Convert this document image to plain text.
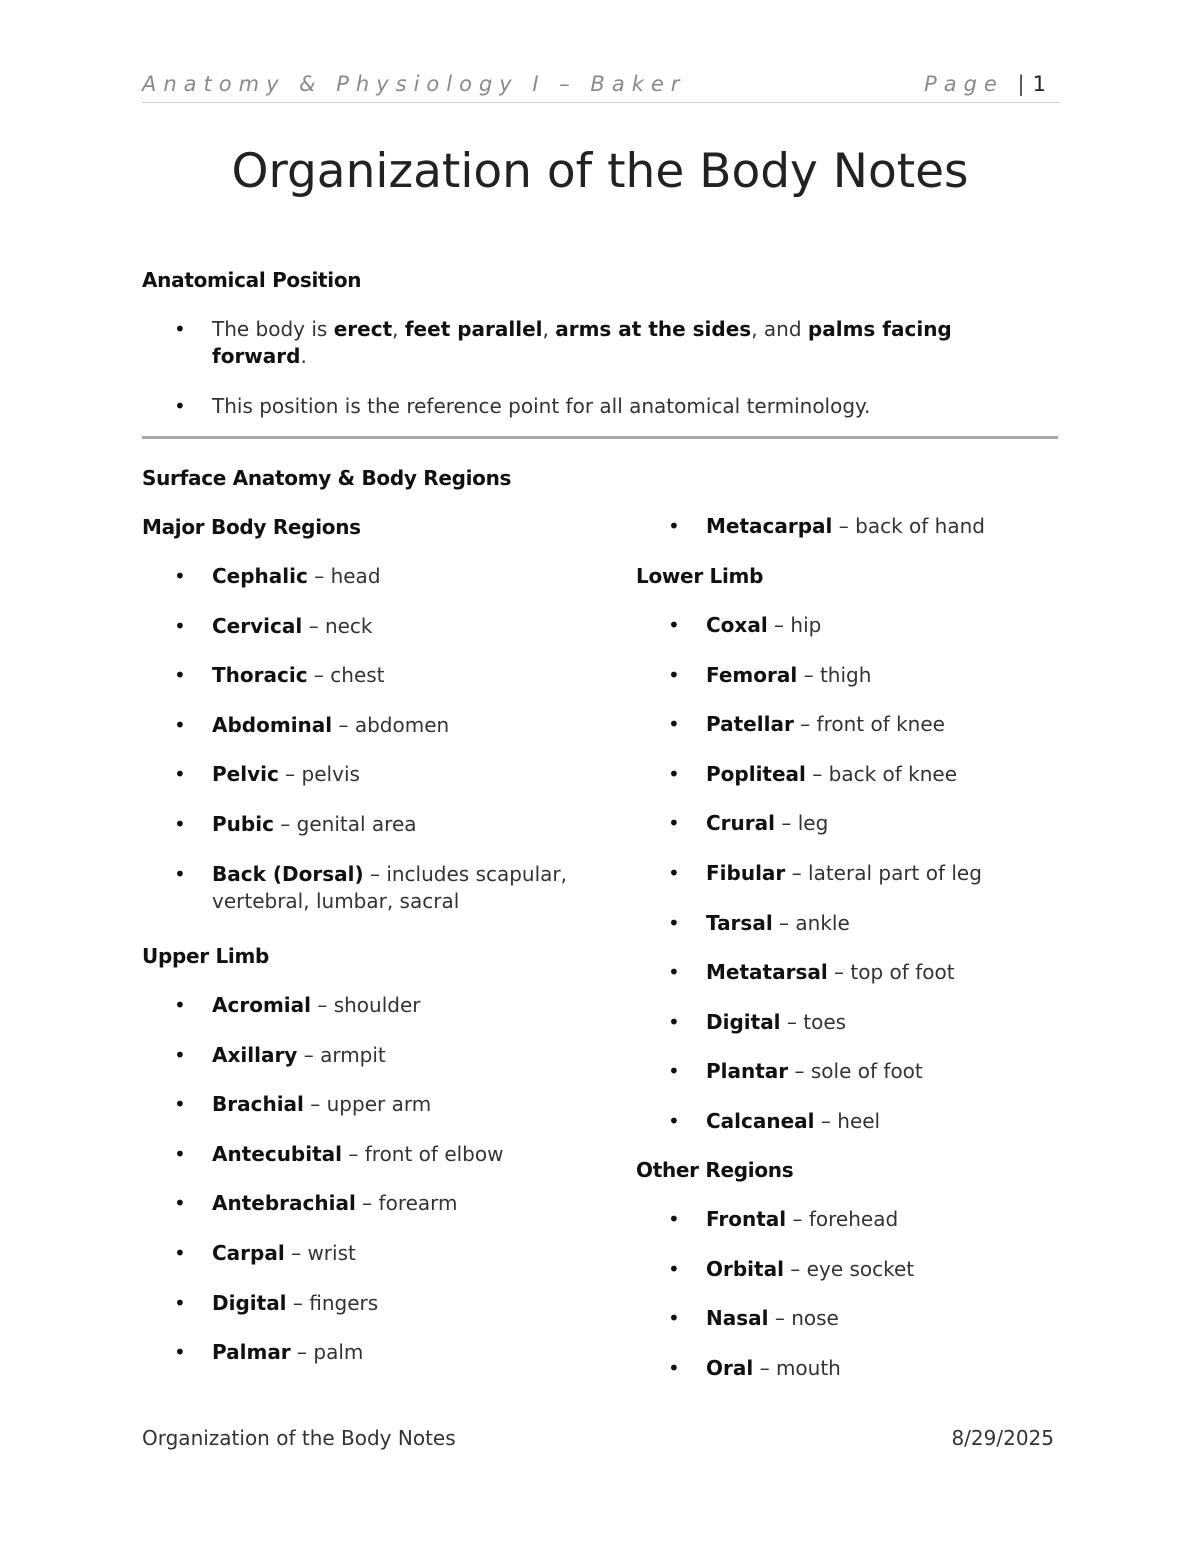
Anatomy & Physiology I – Baker	Page | 1
Organization of the Body Notes
Anatomical Position
• The body is erect, feet parallel, arms at the sides, and palms facing forward.
• This position is the reference point for all anatomical terminology.
Surface Anatomy & Body Regions
Major Body Regions
• Cephalic – head
• Cervical – neck
• Thoracic – chest
• Abdominal – abdomen
• Pelvic – pelvis
• Pubic – genital area
• Back (Dorsal) – includes scapular, vertebral, lumbar, sacral
Upper Limb
• Acromial – shoulder
• Axillary – armpit
• Brachial – upper arm
• Antecubital – front of elbow
• Antebrachial – forearm
• Carpal – wrist
• Digital – fingers
• Palmar – palm
• Metacarpal – back of hand
Lower Limb
• Coxal – hip
• Femoral – thigh
• Patellar – front of knee
• Popliteal – back of knee
• Crural – leg
• Fibular – lateral part of leg
• Tarsal – ankle
• Metatarsal – top of foot
• Digital – toes
• Plantar – sole of foot
• Calcaneal – heel
Other Regions
• Frontal – forehead
• Orbital – eye socket
• Nasal – nose
• Oral – mouth
Organization of the Body Notes	8/29/2025
